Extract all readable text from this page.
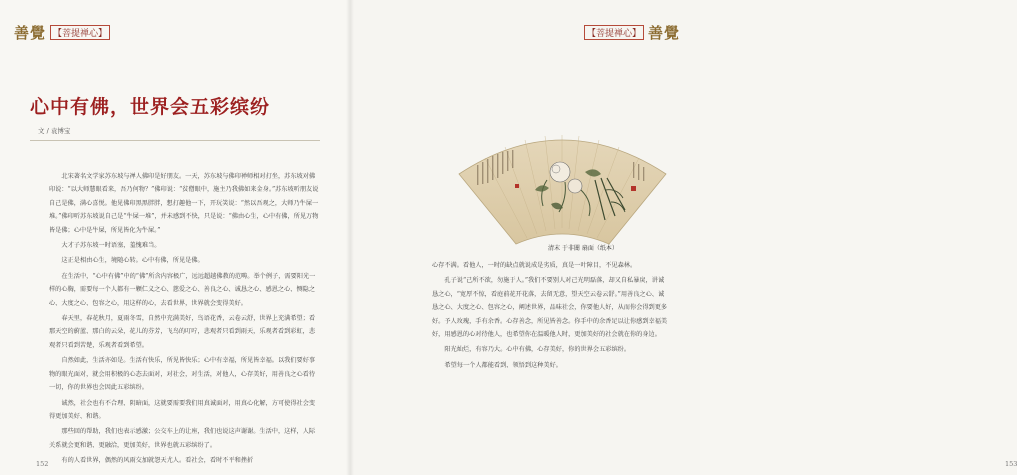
善覺 【菩提禅心】
心中有佛，世界会五彩缤纷
文 / 袁博宝

北宋著名文学家苏东坡与禅人佛印是好朋友。一天，苏东坡与佛印禅师相对打坐，苏东坡对佛印说：“以大师慧眼看来，吾乃何物？”佛印说：“贫僧眼中，施主乃我佛如来金身。”苏东坡听朋友说自己是佛，满心喜悦。他见佛印黑黑胖胖，想打趣他一下，开玩笑说：“然以吾观之，大师乃牛屎一堆。”佛印听苏东坡说自己是“牛屎一堆”，并未感到不快，只是说：“佛由心生，心中有佛，所见万物皆是佛；心中是牛屎，所见皆化为牛屎。”

大才子苏东坡一时语塞，羞愧难当。

这正是相由心生，境随心转。心中有佛，所见是佛。

在生活中，“心中有佛”中的“佛”所含内容极广，远远超越佛教的范畴。举个例子，需要阳光一样的心胸，需要每一个人都有一颗仁义之心、慈爱之心、善良之心、诚恳之心、感恩之心、恻隐之心、大度之心、包容之心，用这样的心，去看世界，世界就会变得美好。

春天里，春花秋月，夏雨冬雪，自然中充满美好，鸟语花香，云卷云舒，世界上充满希望；看那天空的蔚蓝、那白的云朵，花儿的芬芳，飞鸟的叮咛，悲观者只看到雨天，乐观者看到彩虹，悲观者只看到苦楚，乐观者看到希望。

自然如此，生活亦如是。生活有快乐，所见皆快乐；心中有幸福，所见皆幸福。以我们要好事物的眼光面对，就会用积极的心态去面对，对社会，对生活，对他人，心存美好，用善良之心看待一切，你的世界也会因此五彩缤纷。

诚然，社会也有不合理、阴暗面，这就要需要我们用真诚面对，用真心化解，方可使得社会变得更加美好、和谐。

那些回的帮助，我们也表示感激；公交车上的让座，我们也说这声谢谢。生活中，这样，人际关系就会更和谐、更融洽，更加美好，世界也就五彩缤纷了。

有的人看世界，偶然的风雨交加就怨天尤人。看社会，看时不平和挫折

152
【菩提禅心】 善覺
153
清末 于非闇 扇面（纸本）

心存不满。看他人，一时的缺点就说成是劣质，真是一叶障目，不见森林。

孔子说“己所不欲，勿施于人。”我们不要别人对己光明磊落，却又自私暴戾，讲诚恳之心，“宽厚不惊，看庭前花开花落，去留无意，望天空云卷云舒。”用善良之心、诚恳之心、大度之心、包容之心，阐述世界，品味社会，你要他人好，从而你会得到更多好。予人玫瑰，手有余香。心存善念，所见皆善念。你手中的余香足以让你感到幸福美好，用感恩的心对待他人，也希望你在温暖他人时，更加美好的社会就在你的身边。

阳光灿烂，有容乃大。心中有佛，心存美好，你的世界会五彩缤纷。

希望每一个人都能看到、领悟到这种美好。
